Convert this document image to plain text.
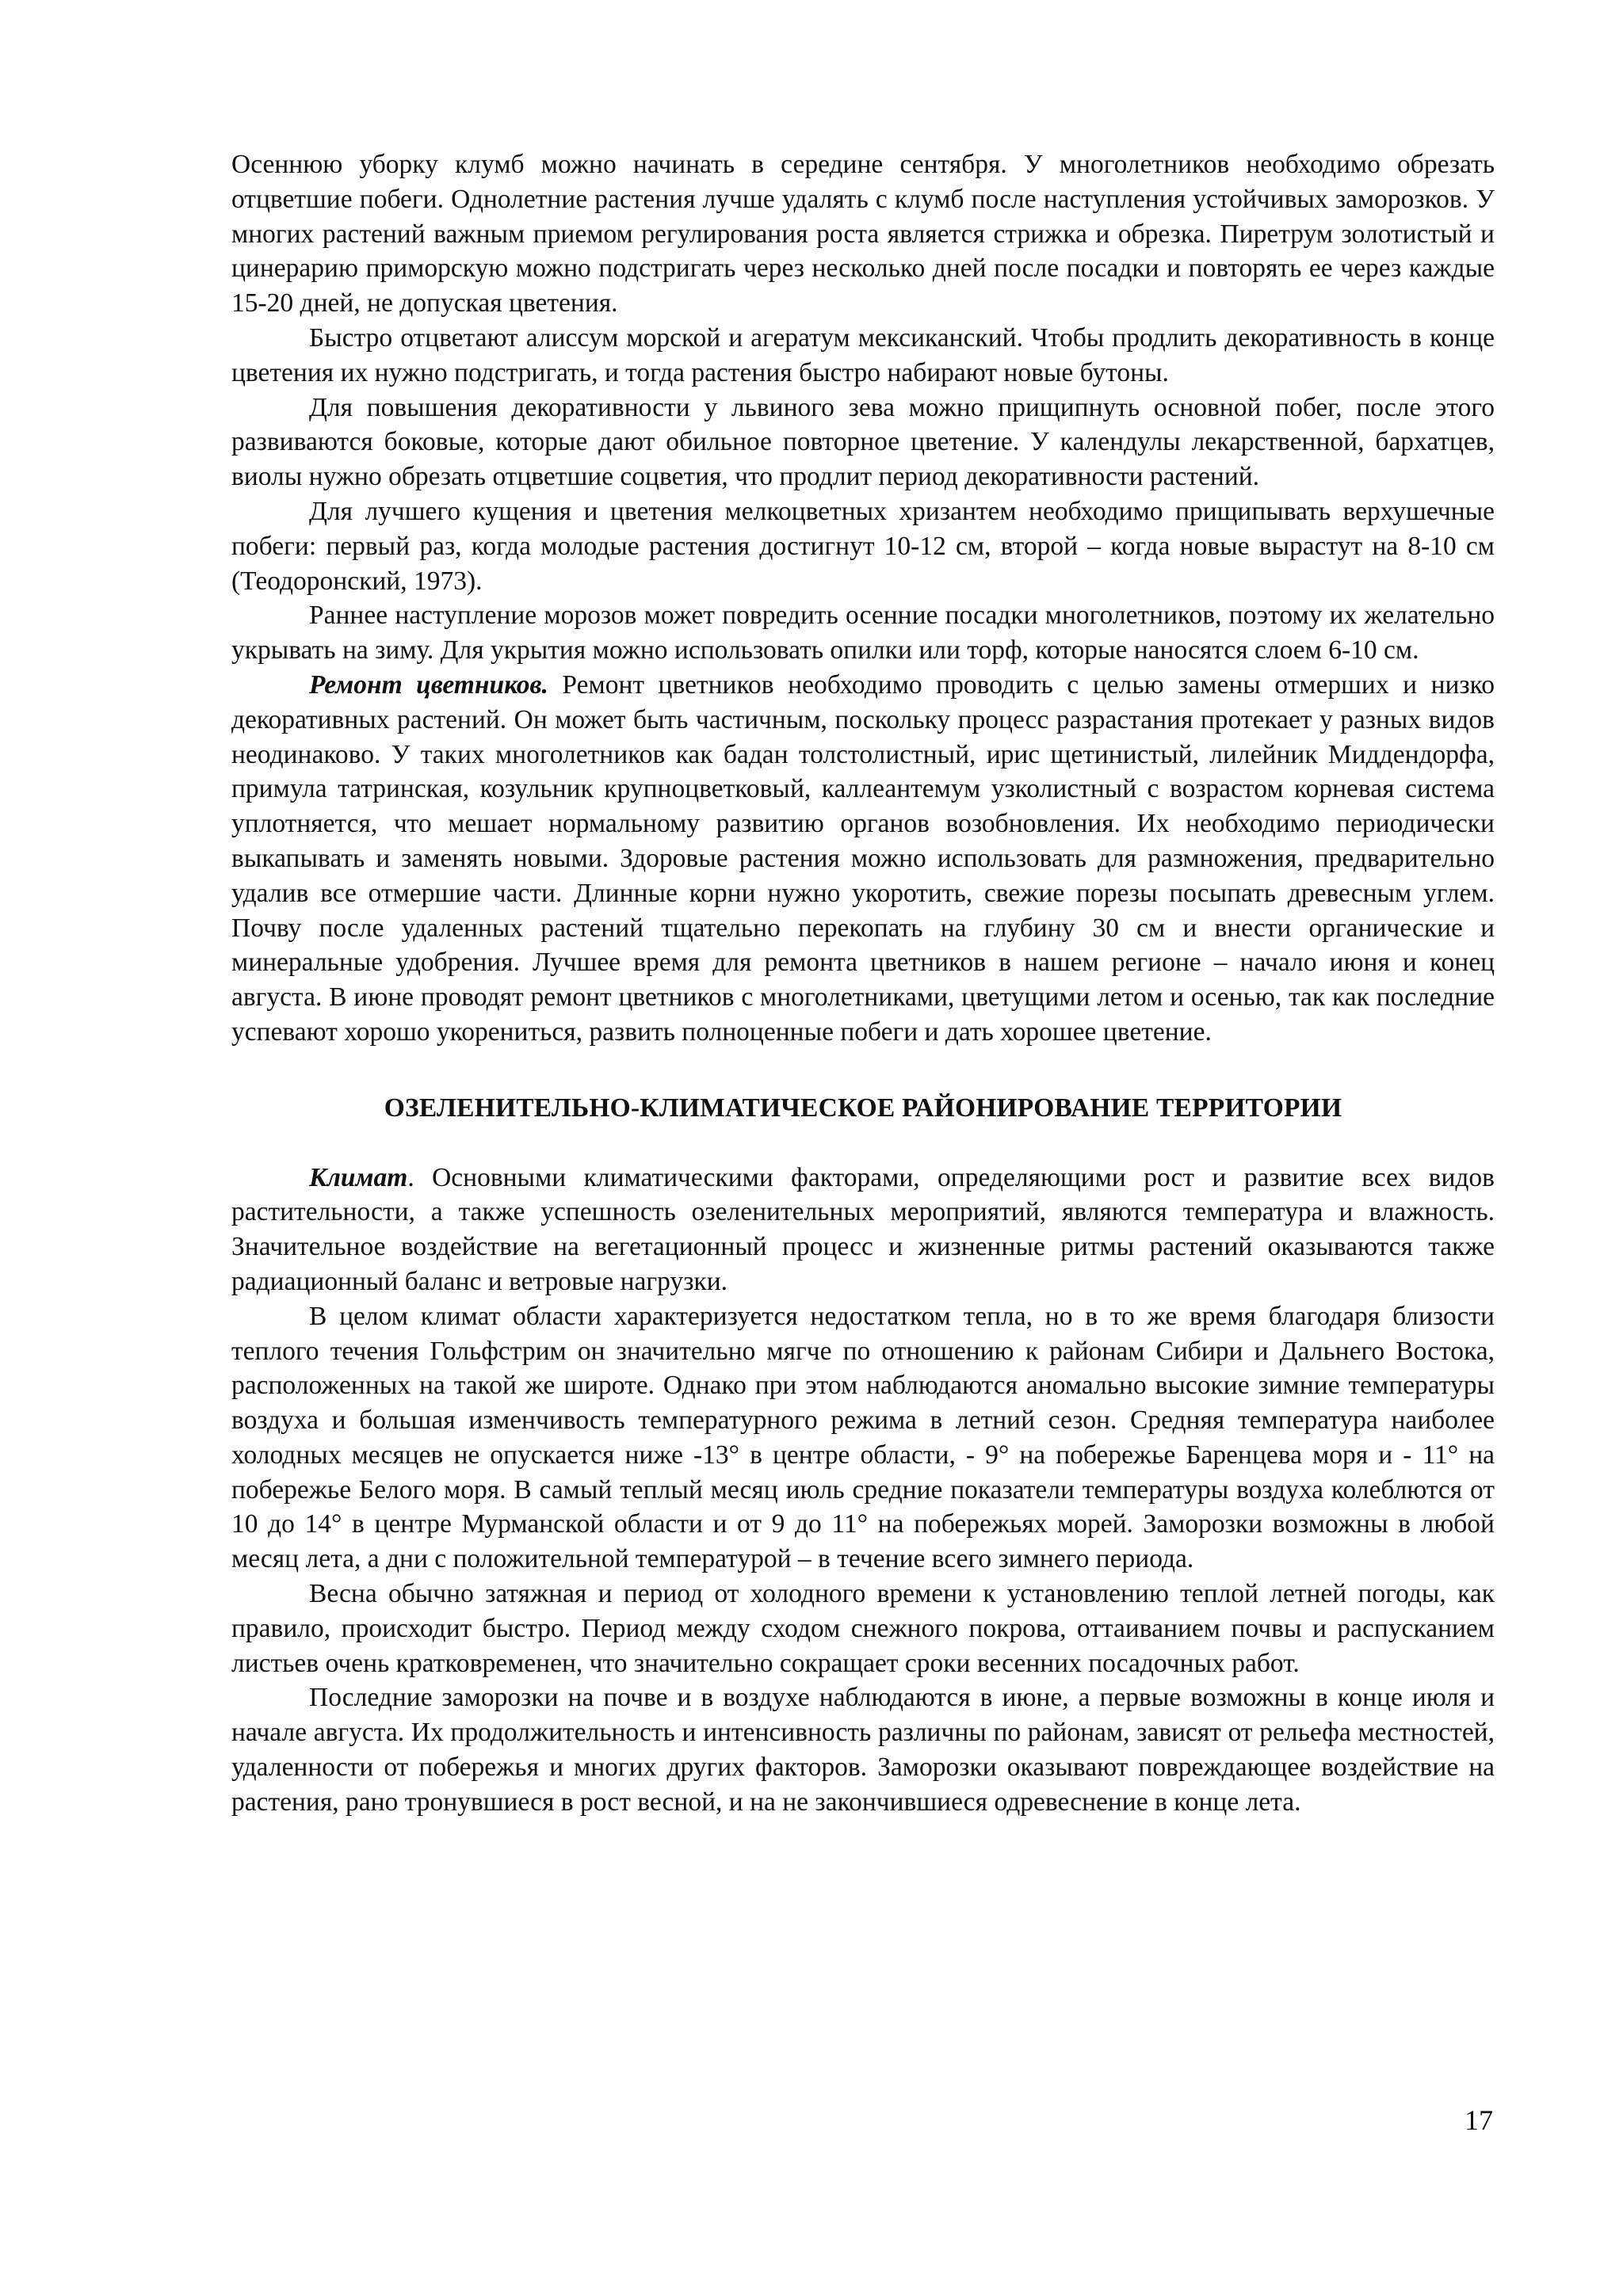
Осеннюю уборку клумб можно начинать в середине сентября. У многолетников необходимо обрезать отцветшие побеги. Однолетние растения лучше удалять с клумб после наступления устойчивых заморозков. У многих растений важным приемом регулирования роста является стрижка и обрезка. Пиретрум золотистый и цинерарию приморскую можно подстригать через несколько дней после посадки и повторять ее через каждые 15-20 дней, не допуская цветения.

Быстро отцветают алиссум морской и агератум мексиканский. Чтобы продлить декоративность в конце цветения их нужно подстригать, и тогда растения быстро набирают новые бутоны.

Для повышения декоративности у львиного зева можно прищипнуть основной побег, после этого развиваются боковые, которые дают обильное повторное цветение. У календулы лекарственной, бархатцев, виолы нужно обрезать отцветшие соцветия, что продлит период декоративности растений.

Для лучшего кущения и цветения мелкоцветных хризантем необходимо прищипывать верхушечные побеги: первый раз, когда молодые растения достигнут 10-12 см, второй – когда новые вырастут на 8-10 см (Теодоронский, 1973).

Раннее наступление морозов может повредить осенние посадки многолетников, поэтому их желательно укрывать на зиму. Для укрытия можно использовать опилки или торф, которые наносятся слоем 6-10 см.

Ремонт цветников. Ремонт цветников необходимо проводить с целью замены отмерших и низко декоративных растений. Он может быть частичным, поскольку процесс разрастания протекает у разных видов неодинаково. У таких многолетников как бадан толстолистный, ирис щетинистый, лилейник Миддендорфа, примула татринская, козульник крупноцветковый, каллеантемум узколистный с возрастом корневая система уплотняется, что мешает нормальному развитию органов возобновления. Их необходимо периодически выкапывать и заменять новыми. Здоровые растения можно использовать для размножения, предварительно удалив все отмершие части. Длинные корни нужно укоротить, свежие порезы посыпать древесным углем. Почву после удаленных растений тщательно перекопать на глубину 30 см и внести органические и минеральные удобрения. Лучшее время для ремонта цветников в нашем регионе – начало июня и конец августа. В июне проводят ремонт цветников с многолетниками, цветущими летом и осенью, так как последние успевают хорошо укорениться, развить полноценные побеги и дать хорошее цветение.

ОЗЕЛЕНИТЕЛЬНО-КЛИМАТИЧЕСКОЕ РАЙОНИРОВАНИЕ ТЕРРИТОРИИ

Климат. Основными климатическими факторами, определяющими рост и развитие всех видов растительности, а также успешность озеленительных мероприятий, являются температура и влажность. Значительное воздействие на вегетационный процесс и жизненные ритмы растений оказываются также радиационный баланс и ветровые нагрузки.

В целом климат области характеризуется недостатком тепла, но в то же время благодаря близости теплого течения Гольфстрим он значительно мягче по отношению к районам Сибири и Дальнего Востока, расположенных на такой же широте. Однако при этом наблюдаются аномально высокие зимние температуры воздуха и большая изменчивость температурного режима в летний сезон. Средняя температура наиболее холодных месяцев не опускается ниже -13° в центре области, - 9° на побережье Баренцева моря и - 11° на побережье Белого моря. В самый теплый месяц июль средние показатели температуры воздуха колеблются от 10 до 14° в центре Мурманской области и от 9 до 11° на побережьях морей. Заморозки возможны в любой месяц лета, а дни с положительной температурой – в течение всего зимнего периода.

Весна обычно затяжная и период от холодного времени к установлению теплой летней погоды, как правило, происходит быстро. Период между сходом снежного покрова, оттаиванием почвы и распусканием листьев очень кратковременен, что значительно сокращает сроки весенних посадочных работ.

Последние заморозки на почве и в воздухе наблюдаются в июне, а первые возможны в конце июля и начале августа. Их продолжительность и интенсивность различны по районам, зависят от рельефа местностей, удаленности от побережья и многих других факторов. Заморозки оказывают повреждающее воздействие на растения, рано тронувшиеся в рост весной, и на не закончившиеся одревеснение в конце лета.

17
